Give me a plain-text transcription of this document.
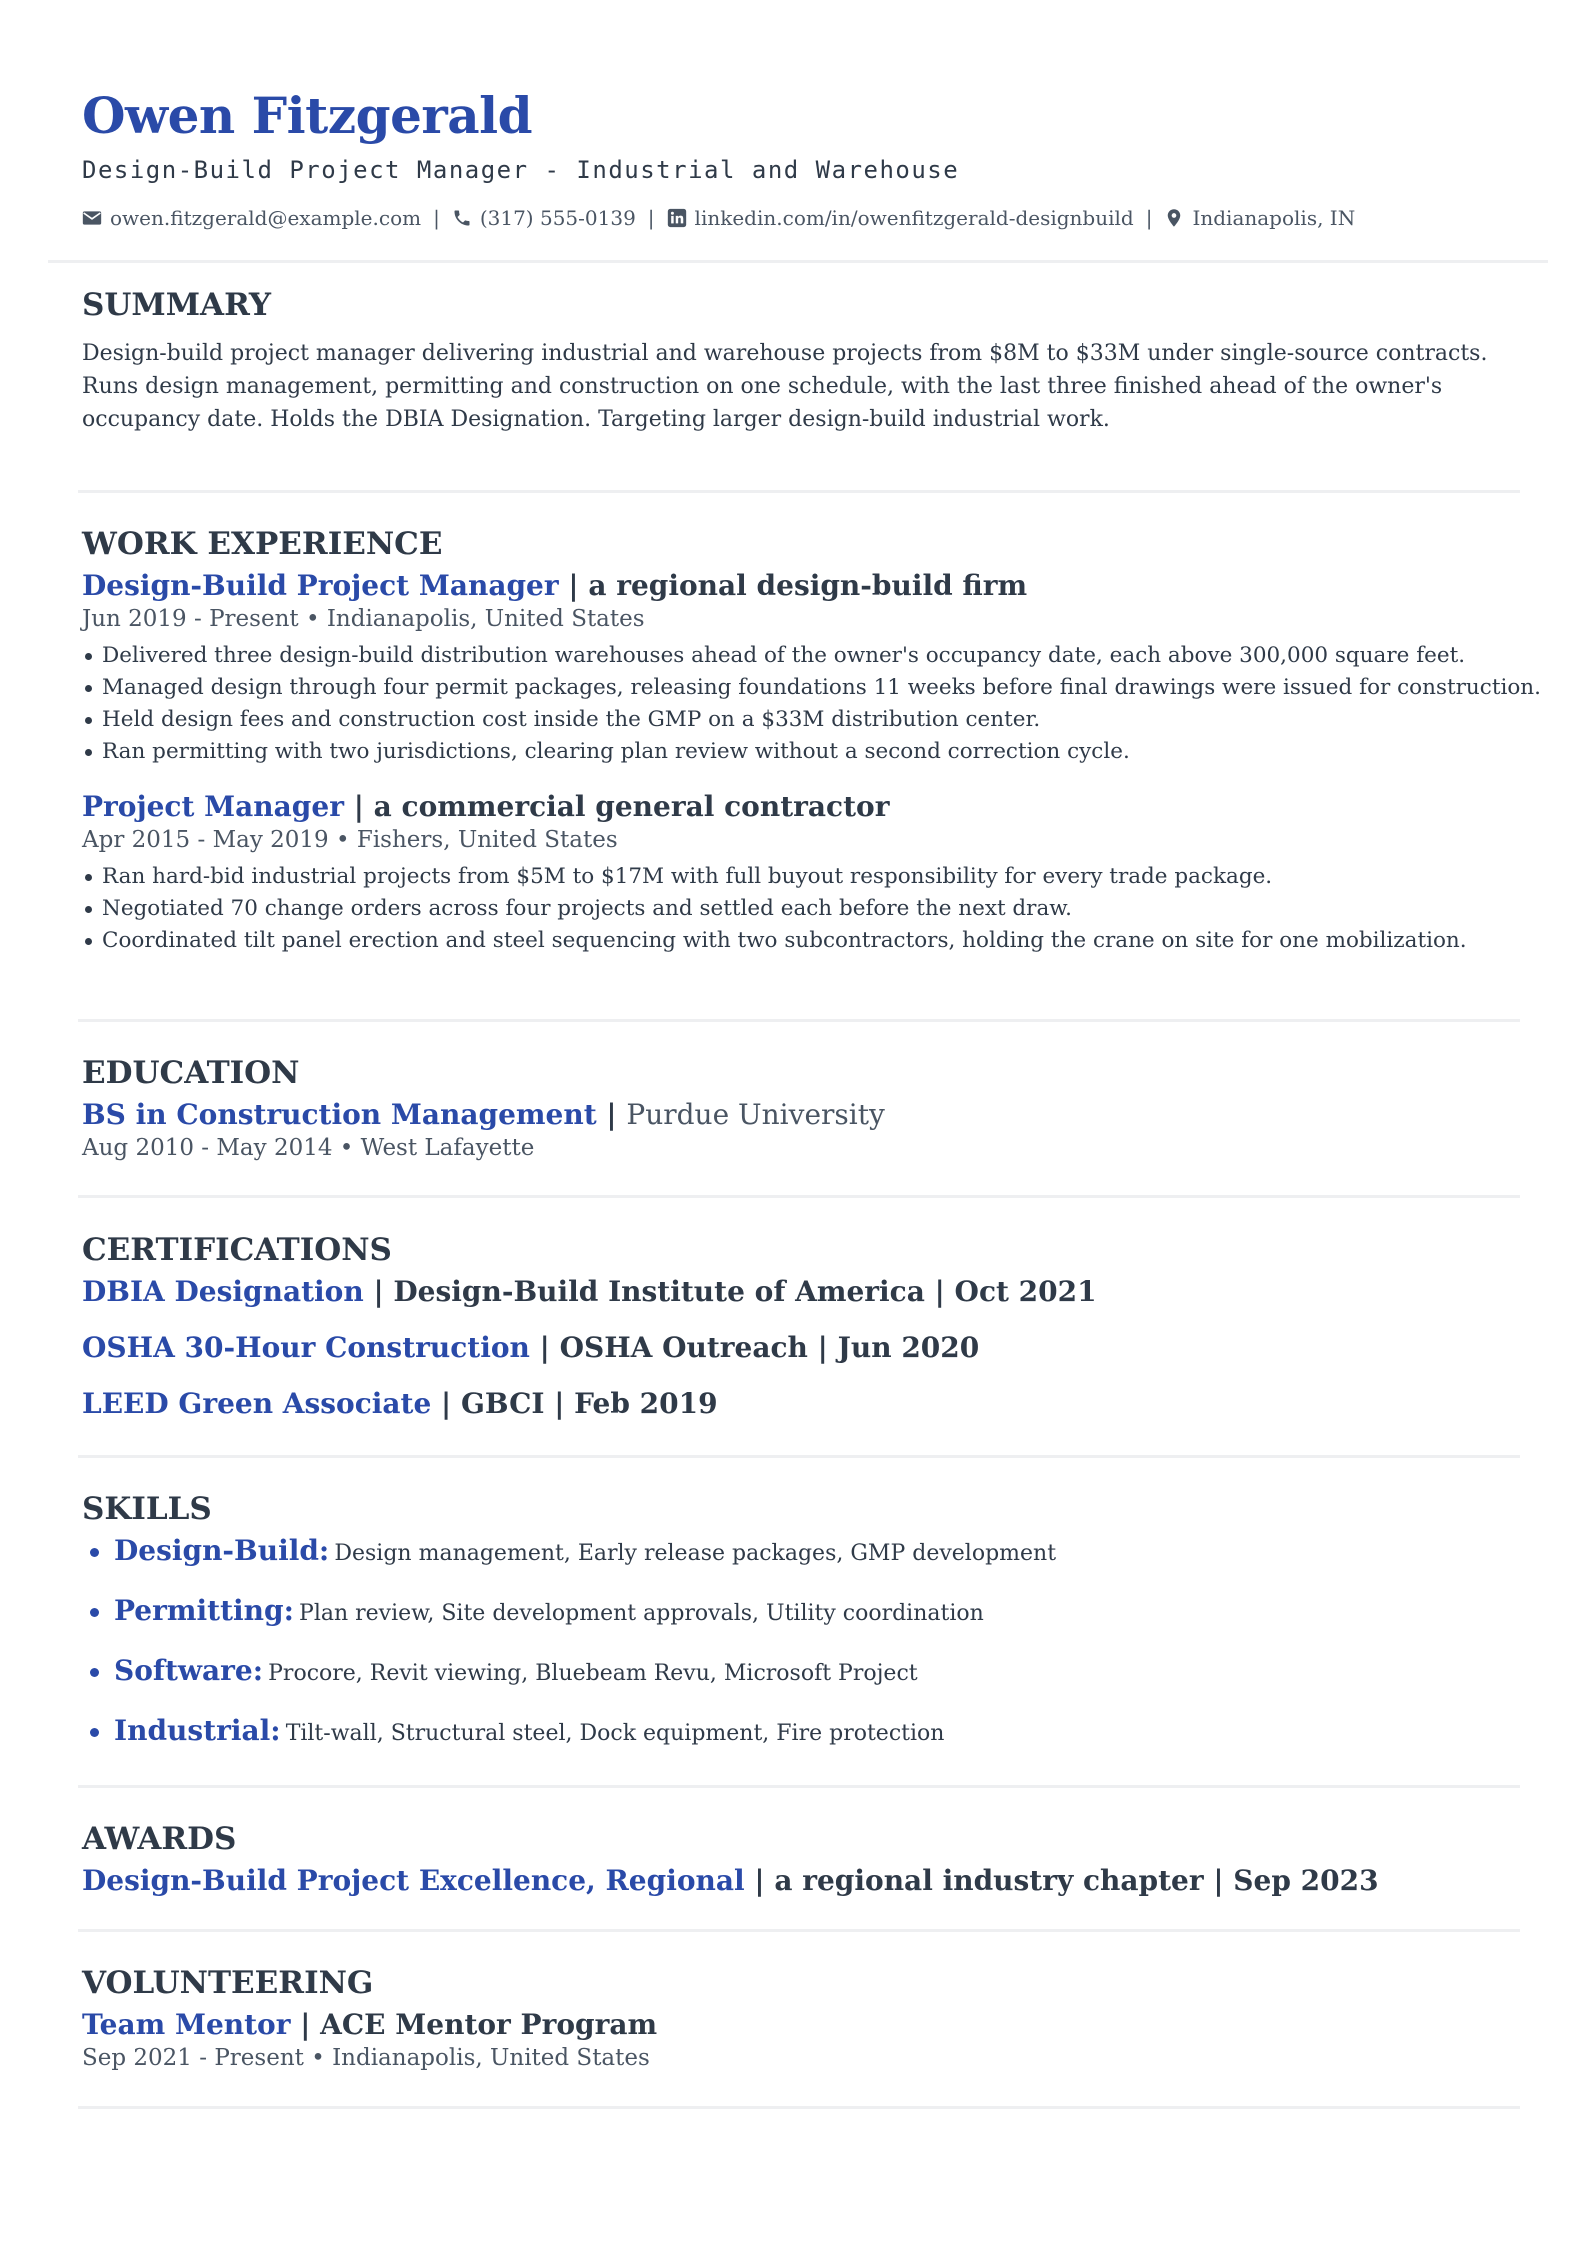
Owen Fitzgerald

Design-Build Project Manager - Industrial and Warehouse

owen.fitzgerald@example.com | (317) 555-0139 | linkedin.com/in/owenfitzgerald-designbuild | Indianapolis, IN
SUMMARY

Design-build project manager delivering industrial and warehouse projects from $8M to $33M under single-source contracts. Runs design management, permitting and construction on one schedule, with the last three finished ahead of the owner's occupancy date. Holds the DBIA Designation. Targeting larger design-build industrial work.

WORK EXPERIENCE

Design-Build Project Manager | a regional design-build firm

Jun 2019 - Present • Indianapolis, United States

Delivered three design-build distribution warehouses ahead of the owner's occupancy date, each above 300,000 square feet.
Managed design through four permit packages, releasing foundations 11 weeks before final drawings were issued for construction.
Held design fees and construction cost inside the GMP on a $33M distribution center.
Ran permitting with two jurisdictions, clearing plan review without a second correction cycle.

Project Manager | a commercial general contractor

Apr 2015 - May 2019 • Fishers, United States

Ran hard-bid industrial projects from $5M to $17M with full buyout responsibility for every trade package.
Negotiated 70 change orders across four projects and settled each before the next draw.
Coordinated tilt panel erection and steel sequencing with two subcontractors, holding the crane on site for one mobilization.
EDUCATION

BS in Construction Management | Purdue University

Aug 2010 - May 2014 • West Lafayette

CERTIFICATIONS

DBIA Designation | Design-Build Institute of America | Oct 2021

OSHA 30-Hour Construction | OSHA Outreach | Jun 2020

LEED Green Associate | GBCI | Feb 2019

SKILLS
Design-Build: Design management, Early release packages, GMP development
Permitting: Plan review, Site development approvals, Utility coordination
Software: Procore, Revit viewing, Bluebeam Revu, Microsoft Project
Industrial: Tilt-wall, Structural steel, Dock equipment, Fire protection
AWARDS

Design-Build Project Excellence, Regional | a regional industry chapter | Sep 2023

VOLUNTEERING

Team Mentor | ACE Mentor Program

Sep 2021 - Present • Indianapolis, United States
